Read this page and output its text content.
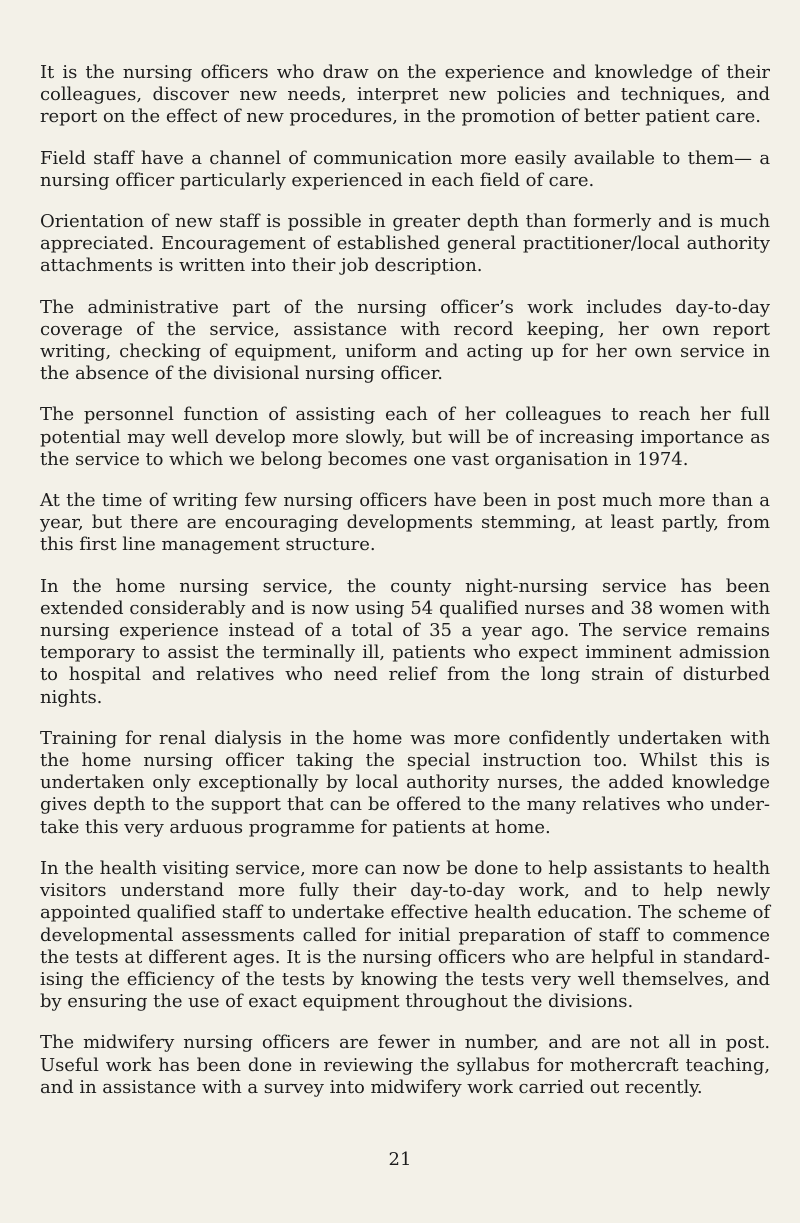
It is the nursing officers who draw on the experience and knowledge of their colleagues, discover new needs, interpret new policies and techniques, and report on the effect of new procedures, in the promotion of better patient care.

Field staff have a channel of communication more easily available to them— a nursing officer particularly experienced in each field of care.

Orientation of new staff is possible in greater depth than formerly and is much appreciated. Encouragement of established general practitioner/local authority attachments is written into their job description.

The administrative part of the nursing officer’s work includes day-to-day coverage of the service, assistance with record keeping, her own report writing, checking of equipment, uniform and acting up for her own service in the absence of the divisional nursing officer.

The personnel function of assisting each of her colleagues to reach her full potential may well develop more slowly, but will be of increasing importance as the service to which we belong becomes one vast organisation in 1974.

At the time of writing few nursing officers have been in post much more than a year, but there are encouraging developments stemming, at least partly, from this first line management structure.

In the home nursing service, the county night-nursing service has been extended considerably and is now using 54 qualified nurses and 38 women with nursing experience instead of a total of 35 a year ago. The service remains temporary to assist the terminally ill, patients who expect imminent admission to hospital and relatives who need relief from the long strain of disturbed nights.

Training for renal dialysis in the home was more confidently undertaken with the home nursing officer taking the special instruction too. Whilst this is undertaken only exceptionally by local authority nurses, the added knowledge gives depth to the support that can be offered to the many relatives who undertake this very arduous programme for patients at home.

In the health visiting service, more can now be done to help assistants to health visitors understand more fully their day-to-day work, and to help newly appointed qualified staff to undertake effective health education. The scheme of developmental assessments called for initial preparation of staff to commence the tests at different ages. It is the nursing officers who are helpful in standardising the efficiency of the tests by knowing the tests very well themselves, and by ensuring the use of exact equipment throughout the divisions.

The midwifery nursing officers are fewer in number, and are not all in post. Useful work has been done in reviewing the syllabus for mothercraft teaching, and in assistance with a survey into midwifery work carried out recently.

21
